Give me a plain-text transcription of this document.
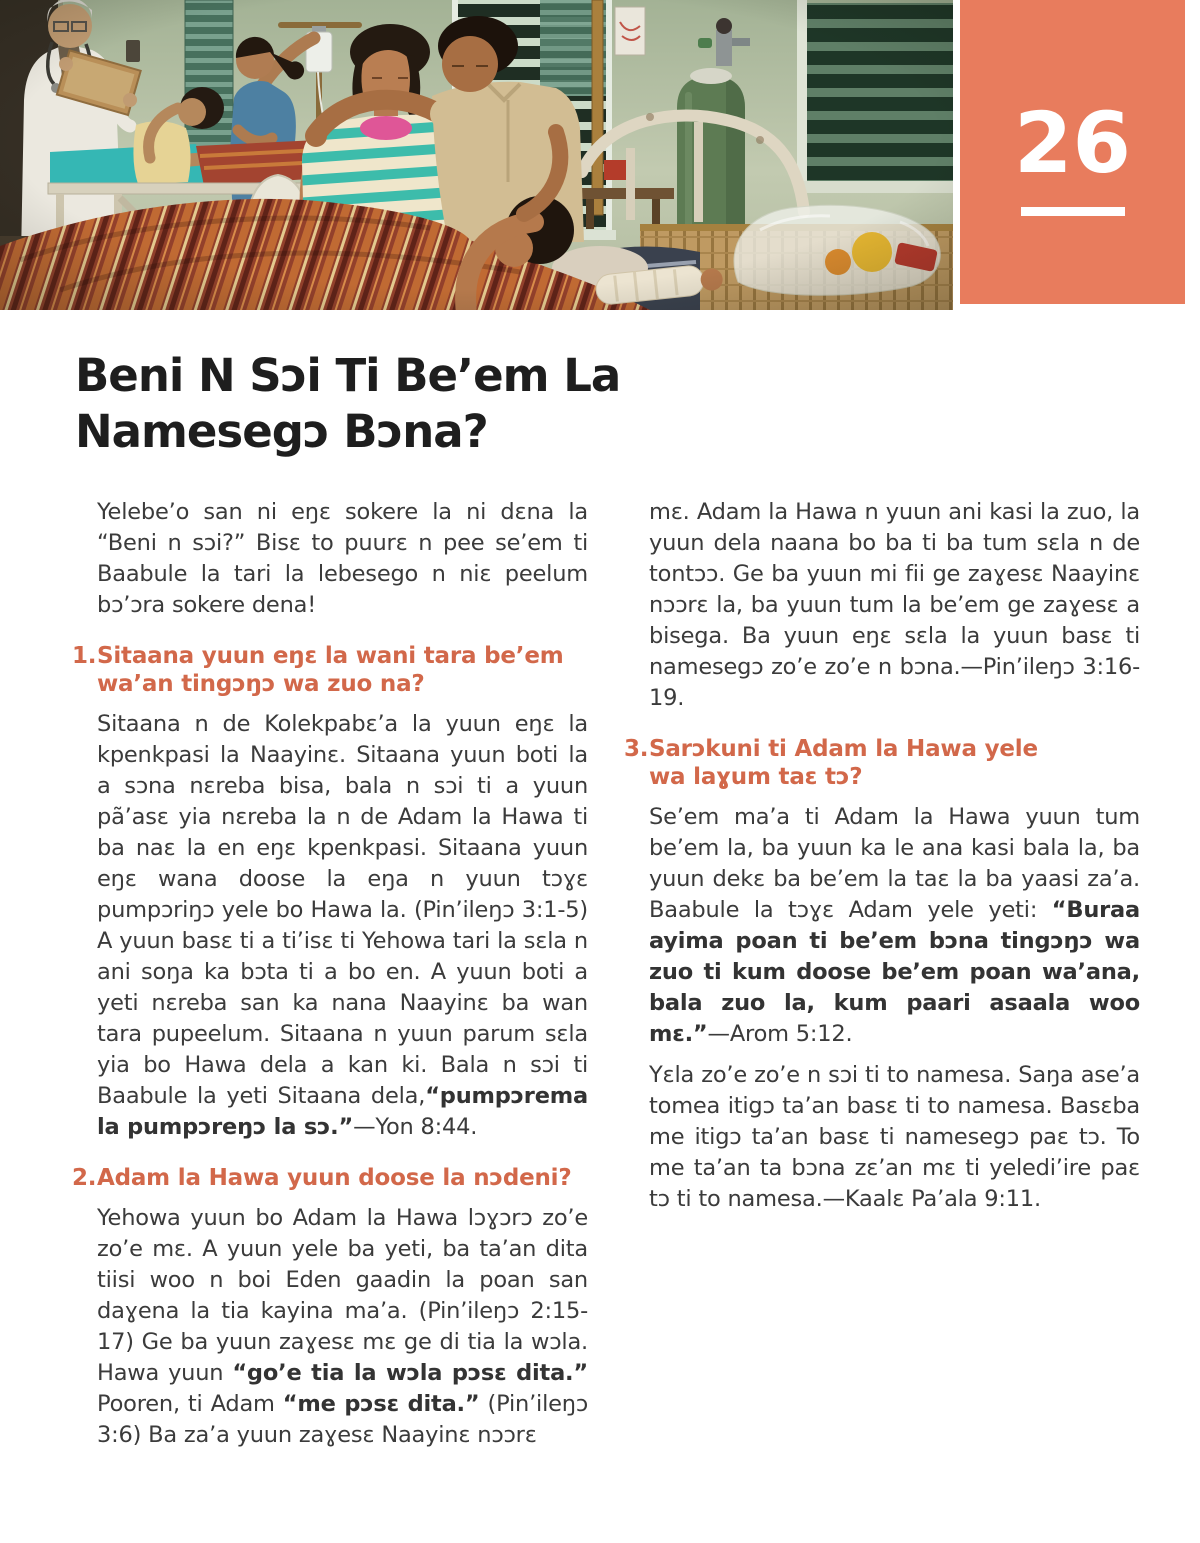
26
Beni N Sɔi Ti Be’em La
Namesegɔ Bɔna?

Yelebe’o san ni eŋɛ sokere la ni dɛna la “Beni n sɔi?” Bisɛ to puurɛ n pee se’em ti Baabule la tari la lebesego n niɛ peelum bɔ’ɔra sokere dena!

1. Sitaana yuun eŋɛ la wani tara be’em
wa’an tingɔŋɔ wa zuo na?

Sitaana n de Kolekpabɛ’a la yuun eŋɛ la kpenkpasi la Naayinɛ. Sitaana yuun boti la a sɔna nɛreba bisa, bala n sɔi ti a yuun pã’asɛ yia nɛreba la n de Adam la Hawa ti ba naɛ la en eŋɛ kpenkpasi. Sitaana yuun eŋɛ wana doose la eŋa n yuun tɔɣɛ pumpɔriŋɔ yele bo Hawa la. (Pin’ileŋɔ 3:1-5) A yuun basɛ ti a ti’isɛ ti Yehowa tari la sɛla n ani soŋa ka bɔta ti a bo en. A yuun boti a yeti nɛreba san ka nana Naayinɛ ba wan tara pupeelum. Sitaana n yuun parum sɛla yia bo Hawa dela a kan ki. Bala n sɔi ti Baabule la yeti Sitaana dela,“pumpɔrema la pumpɔreŋɔ la sɔ.”—Yon 8:44.

2. Adam la Hawa yuun doose la nɔdeni?

Yehowa yuun bo Adam la Hawa lɔɣɔrɔ zo’e zo’e mɛ. A yuun yele ba yeti, ba ta’an dita tiisi woo n boi Eden gaadin la poan san daɣena la tia kayina ma’a. (Pin’ileŋɔ 2:15-17) Ge ba yuun zaɣesɛ mɛ ge di tia la wɔla. Hawa yuun “go’e tia la wɔla pɔsɛ dita.” Pooren, ti Adam “me pɔsɛ dita.” (Pin’ileŋɔ 3:6) Ba za’a yuun zaɣesɛ Naayinɛ nɔɔrɛ

mɛ. Adam la Hawa n yuun ani kasi la zuo, la yuun dela naana bo ba ti ba tum sɛla n de tontɔɔ. Ge ba yuun mi fii ge zaɣesɛ Naayinɛ nɔɔrɛ la, ba yuun tum la be’em ge zaɣesɛ a bisega. Ba yuun eŋɛ sɛla la yuun basɛ ti namesegɔ zo’e zo’e n bɔna.—Pin’ileŋɔ 3:16-19.

3. Sarɔkuni ti Adam la Hawa yele
wa laɣum taɛ tɔ?

Se’em ma’a ti Adam la Hawa yuun tum be’em la, ba yuun ka le ana kasi bala la, ba yuun dekɛ ba be’em la taɛ la ba yaasi za’a. Baabule la tɔɣɛ Adam yele yeti: “Buraa ayima poan ti be’em bɔna tingɔŋɔ wa zuo ti kum doose be’em poan wa’ana, bala zuo la, kum paari asaala woo mɛ.”—Arom 5:12.

Yɛla zo’e zo’e n sɔi ti to namesa. Saŋa ase’a tomea itigɔ ta’an basɛ ti to namesa. Basɛba me itigɔ ta’an basɛ ti namesegɔ paɛ tɔ. To me ta’an ta bɔna zɛ’an mɛ ti yeledi’ire paɛ tɔ ti to namesa.—Kaalɛ Pa’ala 9:11.
